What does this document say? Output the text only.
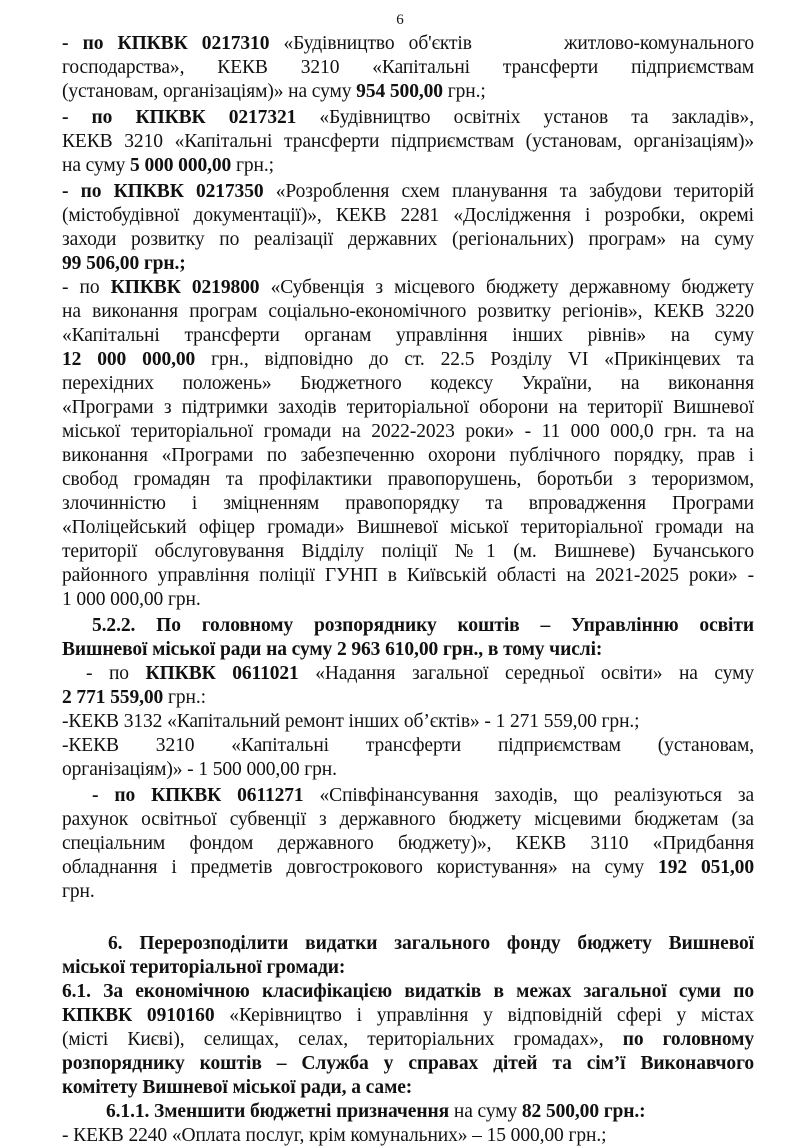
6
- по КПКВК 0217310 «Будівництво об'єктів	житлово-комунального
господарства», КЕКВ 3210 «Капітальні трансферти підприємствам
(установам, організаціям)» на суму 954 500,00 грн.;
- по КПКВК 0217321 «Будівництво освітніх установ та закладів»,
КЕКВ 3210 «Капітальні трансферти підприємствам (установам, організаціям)»
на суму 5 000 000,00 грн.;
- по КПКВК 0217350 «Розроблення схем планування та забудови територій
(містобудівної документації)», КЕКВ 2281 «Дослідження і розробки, окремі
заходи розвитку по реалізації державних (регіональних) програм» на суму
99 506,00 грн.;
- по КПКВК 0219800 «Субвенція з місцевого бюджету державному бюджету
на виконання програм соціально-економічного розвитку регіонів», КЕКВ 3220
«Капітальні трансферти органам управління інших рівнів» на суму
12 000 000,00 грн., відповідно до ст. 22.5 Розділу VI «Прикінцевих та
перехідних положень» Бюджетного кодексу України, на виконання
«Програми з підтримки заходів територіальної оборони на території Вишневої
міської територіальної громади на 2022-2023 роки» - 11 000 000,0 грн. та на
виконання «Програми по забезпеченню охорони публічного порядку, прав і
свобод громадян та профілактики правопорушень, боротьби з тероризмом,
злочинністю і зміцненням правопорядку та впровадження Програми
«Поліцейський офіцер громади» Вишневої міської територіальної громади на
території обслуговування Відділу поліції №1 (м. Вишневе) Бучанського
районного управління поліції ГУНП в Київській області на 2021-2025 роки» -
1 000 000,00 грн.
5.2.2. По головному розпоряднику коштів – Управлінню освіти
Вишневої міської ради на суму 2 963 610,00 грн., в тому числі:
- по КПКВК 0611021 «Надання загальної середньої освіти» на суму
2 771 559,00 грн.:
-КЕКВ 3132 «Капітальний ремонт інших об’єктів» - 1 271 559,00 грн.;
-КЕКВ 3210 «Капітальні трансферти підприємствам (установам,
організаціям)» - 1 500 000,00 грн.
- по КПКВК 0611271 «Співфінансування заходів, що реалізуються за
рахунок освітньої субвенції з державного бюджету місцевими бюджетам (за
спеціальним фондом державного бюджету)», КЕКВ 3110 «Придбання
обладнання і предметів довгострокового користування» на суму 192 051,00
грн.
6. Перерозподілити видатки загального фонду бюджету Вишневої
міської територіальної громади:
6.1. За економічною класифікацією видатків в межах загальної суми по
КПКВК 0910160 «Керівництво і управління у відповідній сфері у містах
(місті Києві), селищах, селах, територіальних громадах», по головному
розпоряднику коштів – Служба у справах дітей та сім’ї Виконавчого
комітету Вишневої міської ради, а саме:
6.1.1. Зменшити бюджетні призначення на суму 82 500,00 грн.:
- КЕКВ 2240 «Оплата послуг, крім комунальних» – 15 000,00 грн.;
